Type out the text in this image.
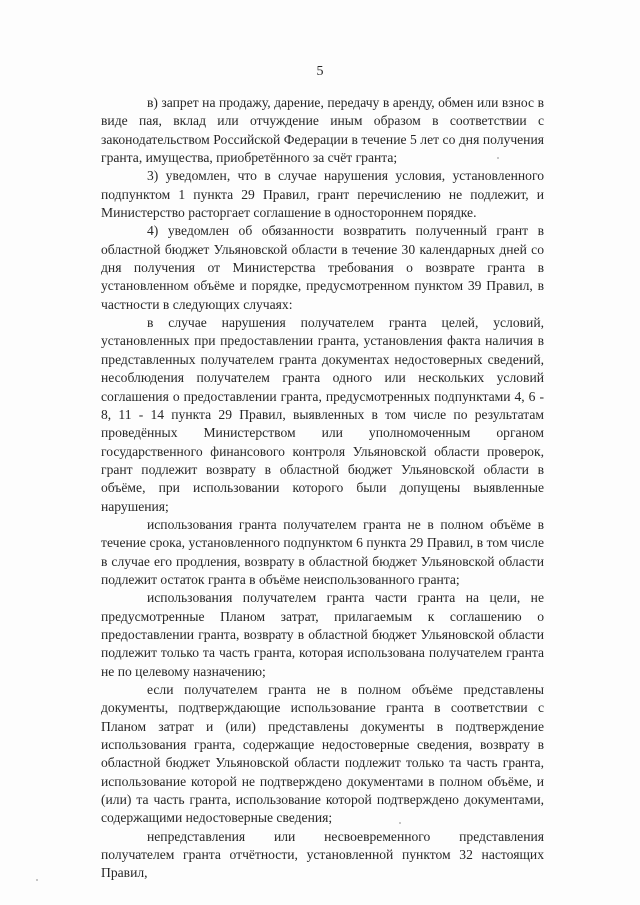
5

в) запрет на продажу, дарение, передачу в аренду, обмен или взнос в виде пая, вклад или отчуждение иным образом в соответствии с законодательством Российской Федерации в течение 5 лет со дня получения гранта, имущества, приобретённого за счёт гранта;

3) уведомлен, что в случае нарушения условия, установленного подпунктом 1 пункта 29 Правил, грант перечислению не подлежит, и Министерство расторгает соглашение в одностороннем порядке.

4) уведомлен об обязанности возвратить полученный грант в областной бюджет Ульяновской области в течение 30 календарных дней со дня получения от Министерства требования о возврате гранта в установленном объёме и порядке, предусмотренном пунктом 39 Правил, в частности в следующих случаях:

в случае нарушения получателем гранта целей, условий, установленных при предоставлении гранта, установления факта наличия в представленных получателем гранта документах недостоверных сведений, несоблюдения получателем гранта одного или нескольких условий соглашения о предоставлении гранта, предусмотренных подпунктами 4, 6 - 8, 11 - 14 пункта 29 Правил, выявленных в том числе по результатам проведённых Министерством или уполномоченным органом государственного финансового контроля Ульяновской области проверок, грант подлежит возврату в областной бюджет Ульяновской области в объёме, при использовании которого были допущены выявленные нарушения;

использования гранта получателем гранта не в полном объёме в течение срока, установленного подпунктом 6 пункта 29 Правил, в том числе в случае его продления, возврату в областной бюджет Ульяновской области подлежит остаток гранта в объёме неиспользованного гранта;

использования получателем гранта части гранта на цели, не предусмотренные Планом затрат, прилагаемым к соглашению о предоставлении гранта, возврату в областной бюджет Ульяновской области подлежит только та часть гранта, которая использована получателем гранта не по целевому назначению;

если получателем гранта не в полном объёме представлены документы, подтверждающие использование гранта в соответствии с Планом затрат и (или) представлены документы в подтверждение использования гранта, содержащие недостоверные сведения, возврату в областной бюджет Ульяновской области подлежит только та часть гранта, использование которой не подтверждено документами в полном объёме, и (или) та часть гранта, использование которой подтверждено документами, содержащими недостоверные сведения;

непредставления или несвоевременного представления получателем гранта отчётности, установленной пунктом 32 настоящих Правил,
